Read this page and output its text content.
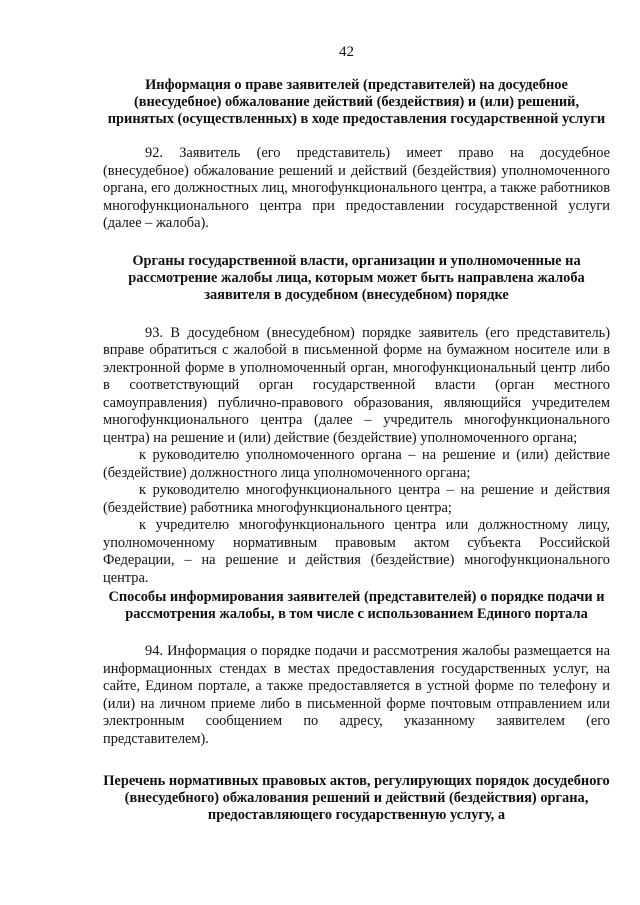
42

Информация о праве заявителей (представителей) на досудебное (внесудебное) обжалование действий (бездействия) и (или) решений, принятых (осуществленных) в ходе предоставления государственной услуги

92. Заявитель (его представитель) имеет право на досудебное (внесудебное) обжалование решений и действий (бездействия) уполномоченного органа, его должностных лиц, многофункционального центра, а также работников многофункционального центра при предоставлении государственной услуги (далее – жалоба).

Органы государственной власти, организации и уполномоченные на рассмотрение жалобы лица, которым может быть направлена жалоба заявителя в досудебном (внесудебном) порядке

93. В досудебном (внесудебном) порядке заявитель (его представитель) вправе обратиться с жалобой в письменной форме на бумажном носителе или в электронной форме в уполномоченный орган, многофункциональный центр либо в соответствующий орган государственной власти (орган местного самоуправления) публично-правового образования, являющийся учредителем многофункционального центра (далее – учредитель многофункционального центра) на решение и (или) действие (бездействие) уполномоченного органа;

к руководителю уполномоченного органа – на решение и (или) действие (бездействие) должностного лица уполномоченного органа;

к руководителю многофункционального центра – на решение и действия (бездействие) работника многофункционального центра;

к учредителю многофункционального центра или должностному лицу, уполномоченному нормативным правовым актом субъекта Российской Федерации, – на решение и действия (бездействие) многофункционального центра.

Способы информирования заявителей (представителей) о порядке подачи и рассмотрения жалобы, в том числе с использованием Единого портала

94. Информация о порядке подачи и рассмотрения жалобы размещается на информационных стендах в местах предоставления государственных услуг, на сайте, Едином портале, а также предоставляется в устной форме по телефону и (или) на личном приеме либо в письменной форме почтовым отправлением или электронным сообщением по адресу, указанному заявителем (его представителем).

Перечень нормативных правовых актов, регулирующих порядок досудебного (внесудебного) обжалования решений и действий (бездействия) органа, предоставляющего государственную услугу, а
